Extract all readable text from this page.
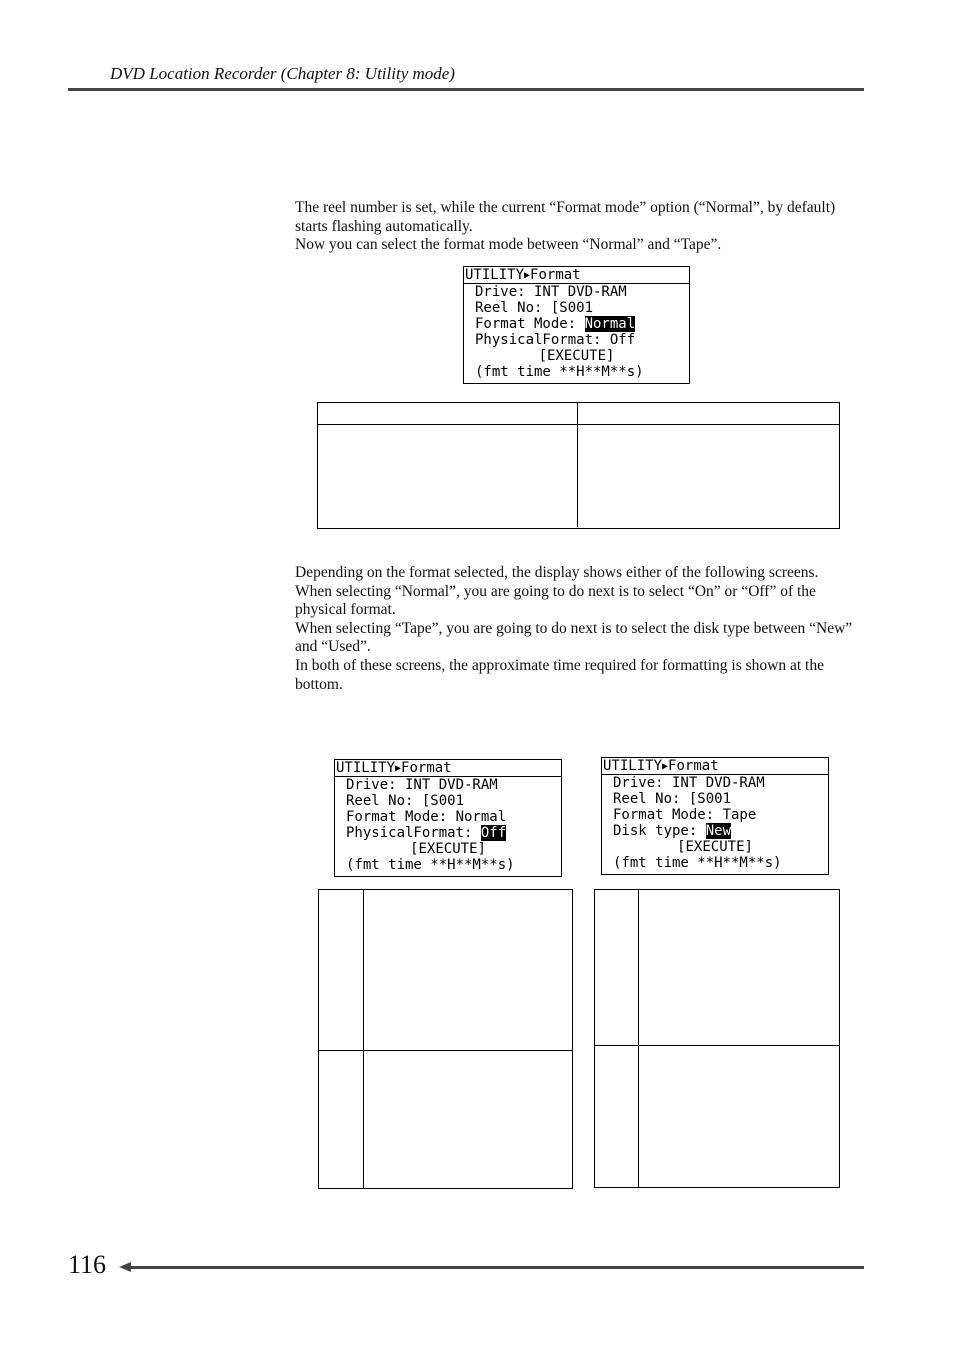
DVD Location Recorder (Chapter 8: Utility mode)

The reel number is set, while the current “Format mode” option (“Normal”, by default) starts flashing automatically.

Now you can select the format mode between “Normal” and “Tape”.

UTILITY▶Format
Drive: INT DVD-RAM
Reel No: [S001
Format Mode: Normal
PhysicalFormat: Off
[EXECUTE]
(fmt time **H**M**s)

Depending on the format selected, the display shows either of the following screens.

When selecting “Normal”, you are going to do next is to select “On” or “Off” of the physical format.

When selecting “Tape”, you are going to do next is to select the disk type between “New” and “Used”.

In both of these screens, the approximate time required for formatting is shown at the bottom.

UTILITY▶Format
Drive: INT DVD-RAM
Reel No: [S001
Format Mode: Normal
PhysicalFormat: Off
[EXECUTE]
(fmt time **H**M**s)
UTILITY▶Format
Drive: INT DVD-RAM
Reel No: [S001
Format Mode: Tape
Disk type: New
[EXECUTE]
(fmt time **H**M**s)
116
